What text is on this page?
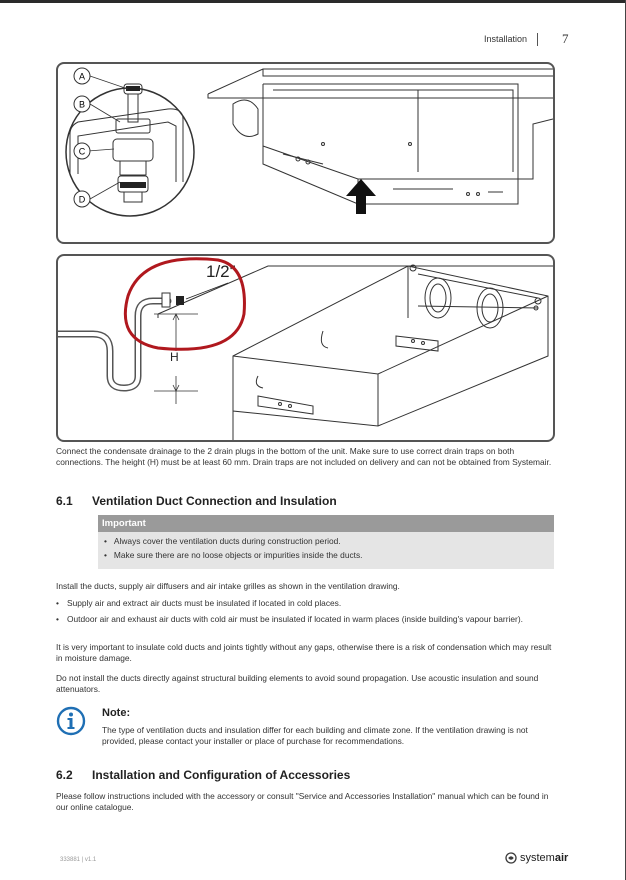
Installation	7
A
B
C
D
H
1/2"

Connect the condensate drainage to the 2 drain plugs in the bottom of the unit. Make sure to use correct drain traps on both connections. The height (H) must be at least 60 mm. Drain traps are not included on delivery and can not be obtained from Systemair.

6.1 Ventilation Duct Connection and Insulation
Important
•   Always cover the ventilation ducts during construction period.
•   Make sure there are no loose objects or impurities inside the ducts.

Install the ducts, supply air diffusers and air intake grilles as shown in the ventilation drawing.

• Supply air and extract air ducts must be insulated if located in cold places.
• Outdoor air and exhaust air ducts with cold air must be insulated if located in warm places (inside building's vapour barrier).

It is very important to insulate cold ducts and joints tightly without any gaps, otherwise there is a risk of condensation which may result in moisture damage.

Do not install the ducts directly against structural building elements to avoid sound propagation. Use acoustic insulation and sound attenuators.

Note:

The type of ventilation ducts and insulation differ for each building and climate zone. If the ventilation drawing is not provided, please contact your installer or place of purchase for recommendations.

6.2 Installation and Configuration of Accessories

Please follow instructions included with the accessory or consult "Service and Accessories Installation" manual which can be found in our online catalogue.

333881 | v1.1	systemair
